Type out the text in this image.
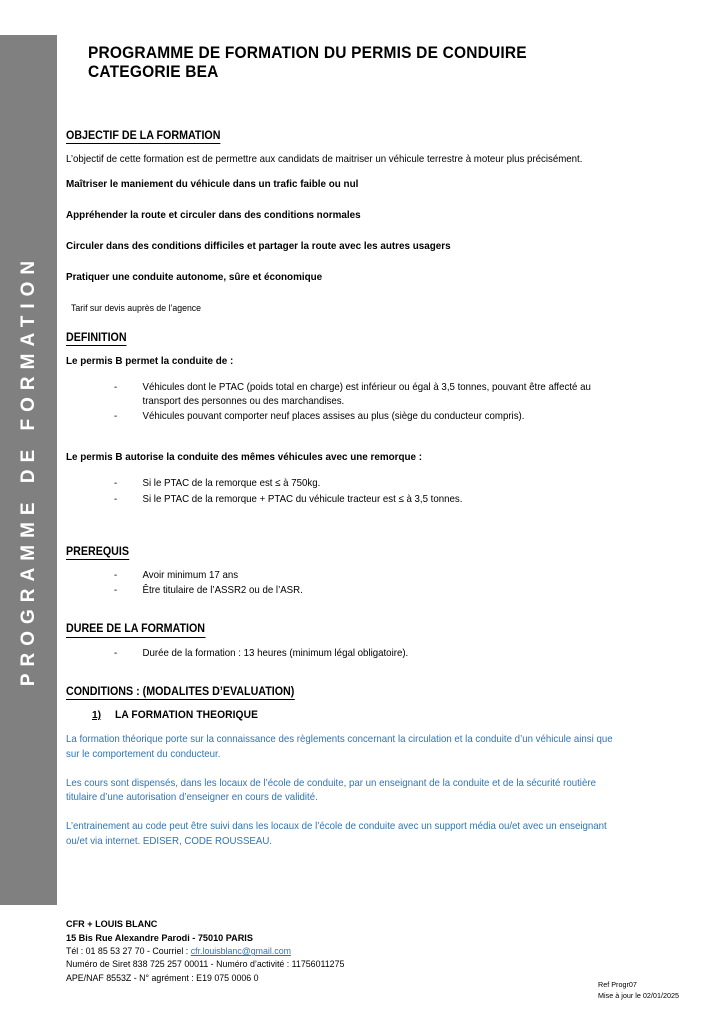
PROGRAMME DE FORMATION
PROGRAMME DE FORMATION DU PERMIS DE CONDUIRE CATEGORIE BEA
OBJECTIF DE LA FORMATION

L’objectif de cette formation est de permettre aux candidats de maitriser un véhicule terrestre à moteur plus précisément.

Maîtriser le maniement du véhicule dans un trafic faible ou nul

Appréhender la route et circuler dans des conditions normales

Circuler dans des conditions difficiles et partager la route avec les autres usagers

Pratiquer une conduite autonome, sûre et économique

Tarif sur devis auprès de l’agence

DEFINITION

Le permis B permet la conduite de :

- Véhicules dont le PTAC (poids total en charge) est inférieur ou égal à 3,5 tonnes, pouvant être affecté au transport des personnes ou des marchandises.
- Véhicules pouvant comporter neuf places assises au plus (siège du conducteur compris).

Le permis B autorise la conduite des mêmes véhicules avec une remorque :

- Si le PTAC de la remorque est ≤ à 750kg.
- Si le PTAC de la remorque + PTAC du véhicule tracteur est ≤ à 3,5 tonnes.
PREREQUIS
- Avoir minimum 17 ans
- Être titulaire de l’ASSR2 ou de l’ASR.
DUREE DE LA FORMATION
- Durée de la formation : 13 heures (minimum légal obligatoire).
CONDITIONS : (MODALITES D’EVALUATION)
1) LA FORMATION THEORIQUE

La formation théorique porte sur la connaissance des règlements concernant la circulation et la conduite d’un véhicule ainsi que sur le comportement du conducteur.

Les cours sont dispensés, dans les locaux de l’école de conduite, par un enseignant de la conduite et de la sécurité routière titulaire d’une autorisation d’enseigner en cours de validité.

L’entrainement au code peut être suivi dans les locaux de l’école de conduite avec un support média ou/et avec un enseignant ou/et via internet. EDISER, CODE ROUSSEAU.

CFR + LOUIS BLANC
15 Bis Rue Alexandre Parodi - 75010 PARIS
Tél : 01 85 53 27 70 - Courriel : cfr.louisblanc@gmail.com
Numéro de Siret 838 725 257 00011 - Numéro d’activité : 11756011275
APE/NAF 8553Z - N° agrément : E19 075 0006 0
Ref Progr07
Mise à jour le 02/01/2025
